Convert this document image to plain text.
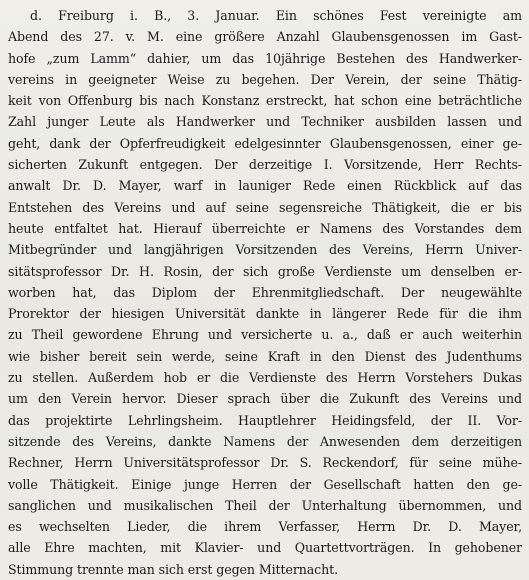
d. Freiburg i. B., 3. Januar. Ein schönes Fest vereinigte am
Abend des 27. v. M. eine größere Anzahl Glaubensgenossen im Gast-
hofe „zum Lamm“ dahier, um das 10jährige Bestehen des Handwerker-
vereins in geeigneter Weise zu begehen. Der Verein, der seine Thätig-
keit von Offenburg bis nach Konstanz erstreckt, hat schon eine beträchtliche
Zahl junger Leute als Handwerker und Techniker ausbilden lassen und
geht, dank der Opferfreudigkeit edelgesinnter Glaubensgenossen, einer ge-
sicherten Zukunft entgegen. Der derzeitige I. Vorsitzende, Herr Rechts-
anwalt Dr. D. Mayer, warf in launiger Rede einen Rückblick auf das
Entstehen des Vereins und auf seine segensreiche Thätigkeit, die er bis
heute entfaltet hat. Hierauf überreichte er Namens des Vorstandes dem
Mitbegründer und langjährigen Vorsitzenden des Vereins, Herrn Univer-
sitätsprofessor Dr. H. Rosin, der sich große Verdienste um denselben er-
worben hat, das Diplom der Ehrenmitgliedschaft. Der neugewählte
Prorektor der hiesigen Universität dankte in längerer Rede für die ihm
zu Theil gewordene Ehrung und versicherte u. a., daß er auch weiterhin
wie bisher bereit sein werde, seine Kraft in den Dienst des Judenthums
zu stellen. Außerdem hob er die Verdienste des Herrn Vorstehers Dukas
um den Verein hervor. Dieser sprach über die Zukunft des Vereins und
das projektirte Lehrlingsheim. Hauptlehrer Heidingsfeld, der II. Vor-
sitzende des Vereins, dankte Namens der Anwesenden dem derzeitigen
Rechner, Herrn Universitätsprofessor Dr. S. Reckendorf, für seine mühe-
volle Thätigkeit. Einige junge Herren der Gesellschaft hatten den ge-
sanglichen und musikalischen Theil der Unterhaltung übernommen, und
es wechselten Lieder, die ihrem Verfasser, Herrn Dr. D. Mayer,
alle Ehre machten, mit Klavier- und Quartettvorträgen. In gehobener
Stimmung trennte man sich erst gegen Mitternacht.
